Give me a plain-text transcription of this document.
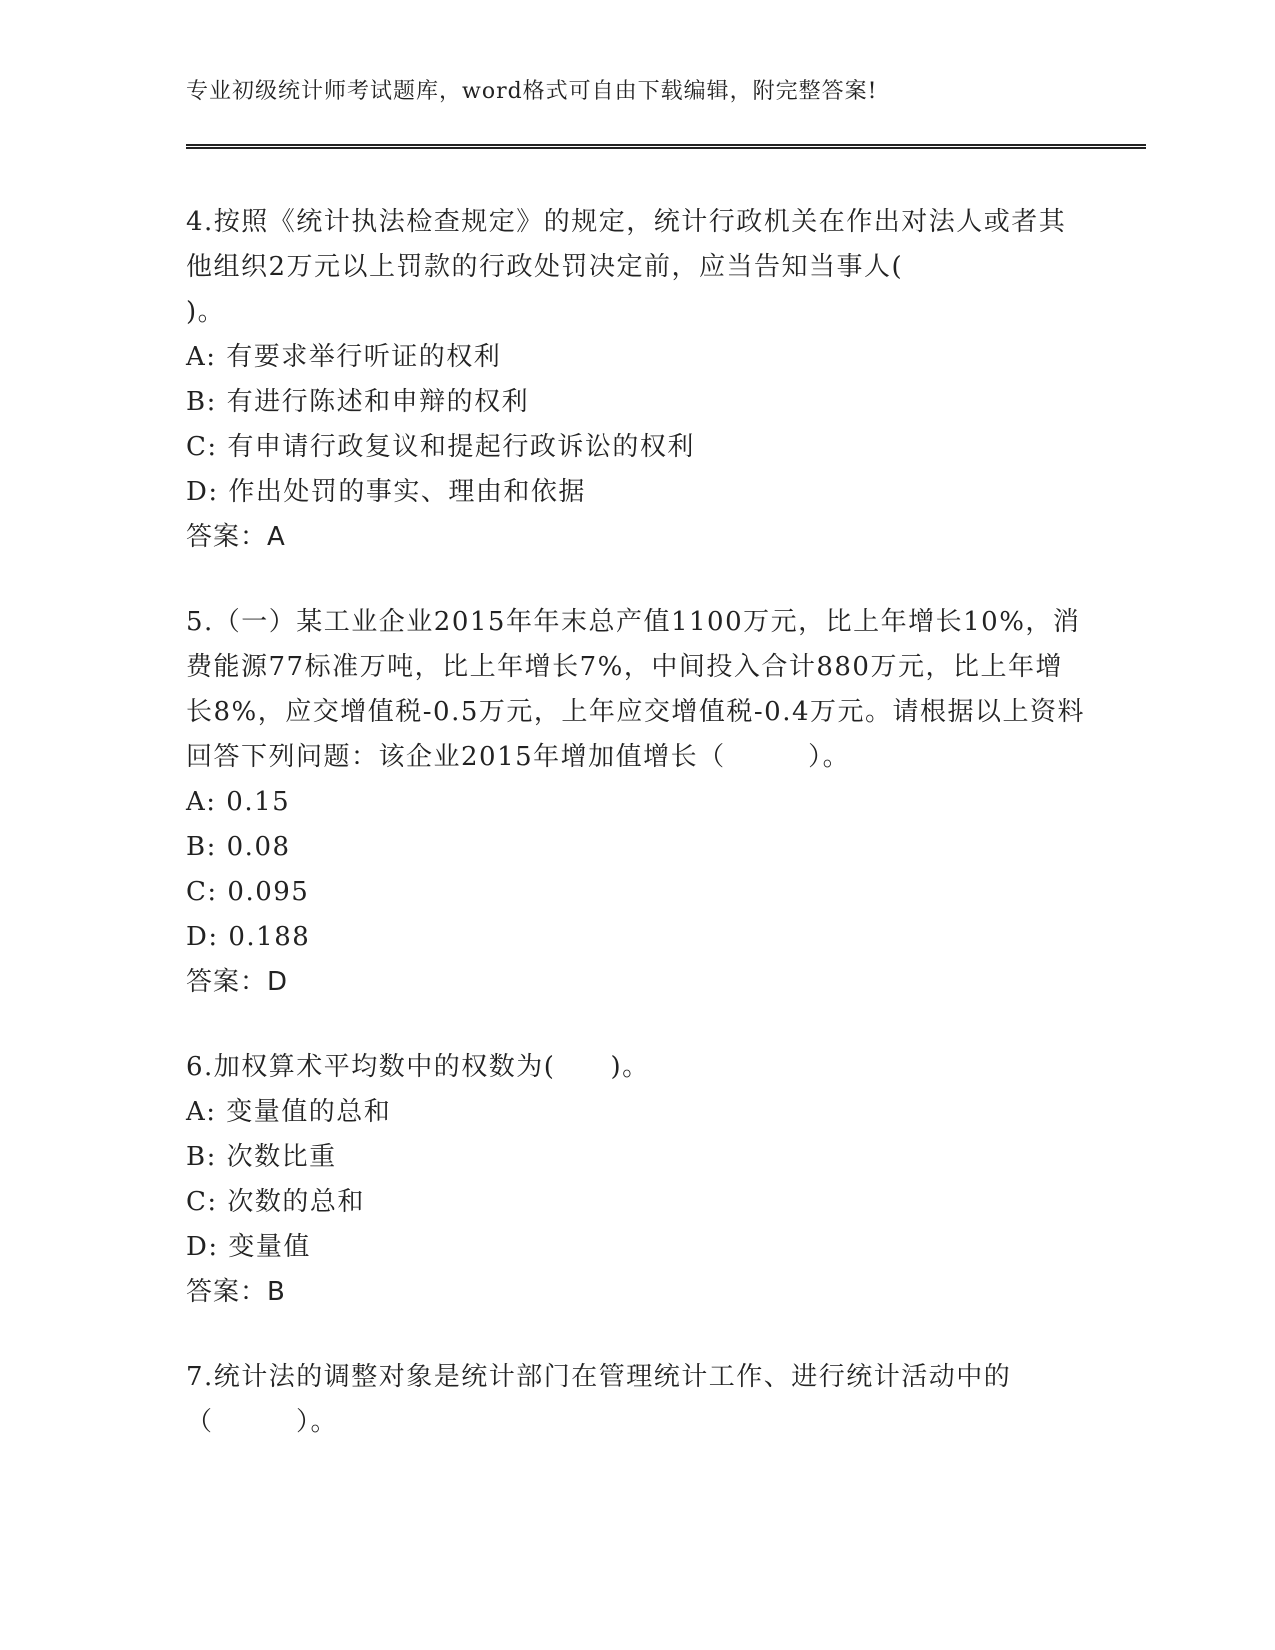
专业初级统计师考试题库，word格式可自由下载编辑，附完整答案!

4.按照《统计执法检查规定》的规定，统计行政机关在作出对法人或者其他组织2万元以上罚款的行政处罚决定前，应当告知当事人(
)。

A: 有要求举行听证的权利

B: 有进行陈述和申辩的权利

C: 有申请行政复议和提起行政诉讼的权利

D: 作出处罚的事实、理由和依据

答案：A

5.（一）某工业企业2015年年末总产值1100万元，比上年增长10%，消费能源77标准万吨，比上年增长7%，中间投入合计880万元，比上年增长8%，应交增值税-0.5万元，上年应交增值税-0.4万元。请根据以上资料回答下列问题：该企业2015年增加值增长（　　　）。

A: 0.15

B: 0.08

C: 0.095

D: 0.188

答案：D

6.加权算术平均数中的权数为(　　)。

A: 变量值的总和

B: 次数比重

C: 次数的总和

D: 变量值

答案：B

7.统计法的调整对象是统计部门在管理统计工作、进行统计活动中的（　　　）。
